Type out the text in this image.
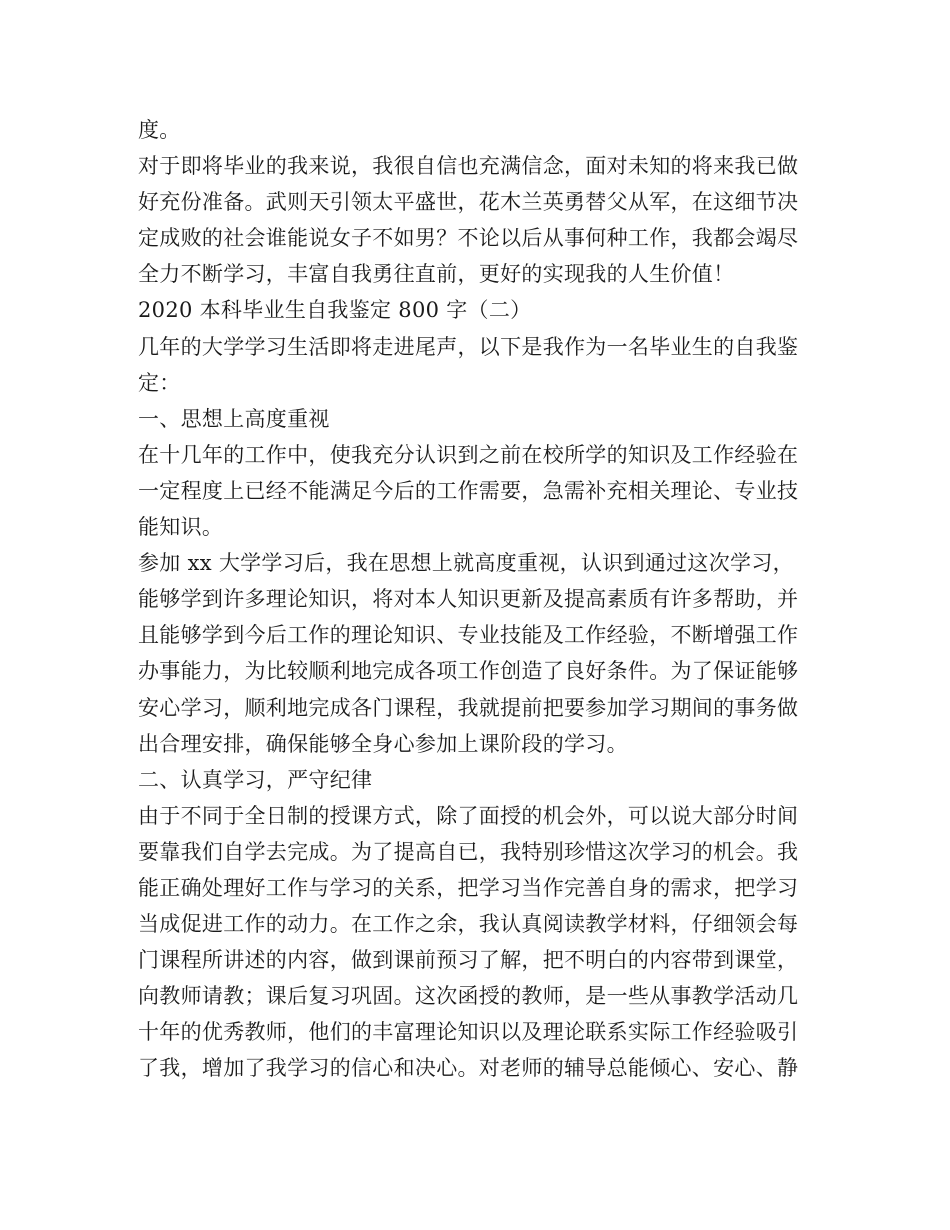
度。
对于即将毕业的我来说，我很自信也充满信念，面对未知的将来我已做
好充份准备。武则天引领太平盛世，花木兰英勇替父从军，在这细节决
定成败的社会谁能说女子不如男？不论以后从事何种工作，我都会竭尽
全力不断学习，丰富自我勇往直前，更好的实现我的人生价值！
2020 本科毕业生自我鉴定 800 字（二）
几年的大学学习生活即将走进尾声，以下是我作为一名毕业生的自我鉴
定：
一、思想上高度重视
在十几年的工作中，使我充分认识到之前在校所学的知识及工作经验在
一定程度上已经不能满足今后的工作需要，急需补充相关理论、专业技
能知识。
参加 xx 大学学习后，我在思想上就高度重视，认识到通过这次学习，
能够学到许多理论知识，将对本人知识更新及提高素质有许多帮助，并
且能够学到今后工作的理论知识、专业技能及工作经验，不断增强工作
办事能力，为比较顺利地完成各项工作创造了良好条件。为了保证能够
安心学习，顺利地完成各门课程，我就提前把要参加学习期间的事务做
出合理安排，确保能够全身心参加上课阶段的学习。
二、认真学习，严守纪律
由于不同于全日制的授课方式，除了面授的机会外，可以说大部分时间
要靠我们自学去完成。为了提高自已，我特别珍惜这次学习的机会。我
能正确处理好工作与学习的关系，把学习当作完善自身的需求，把学习
当成促进工作的动力。在工作之余，我认真阅读教学材料，仔细领会每
门课程所讲述的内容，做到课前预习了解，把不明白的内容带到课堂，
向教师请教；课后复习巩固。这次函授的教师，是一些从事教学活动几
十年的优秀教师，他们的丰富理论知识以及理论联系实际工作经验吸引
了我，增加了我学习的信心和决心。对老师的辅导总能倾心、安心、静
